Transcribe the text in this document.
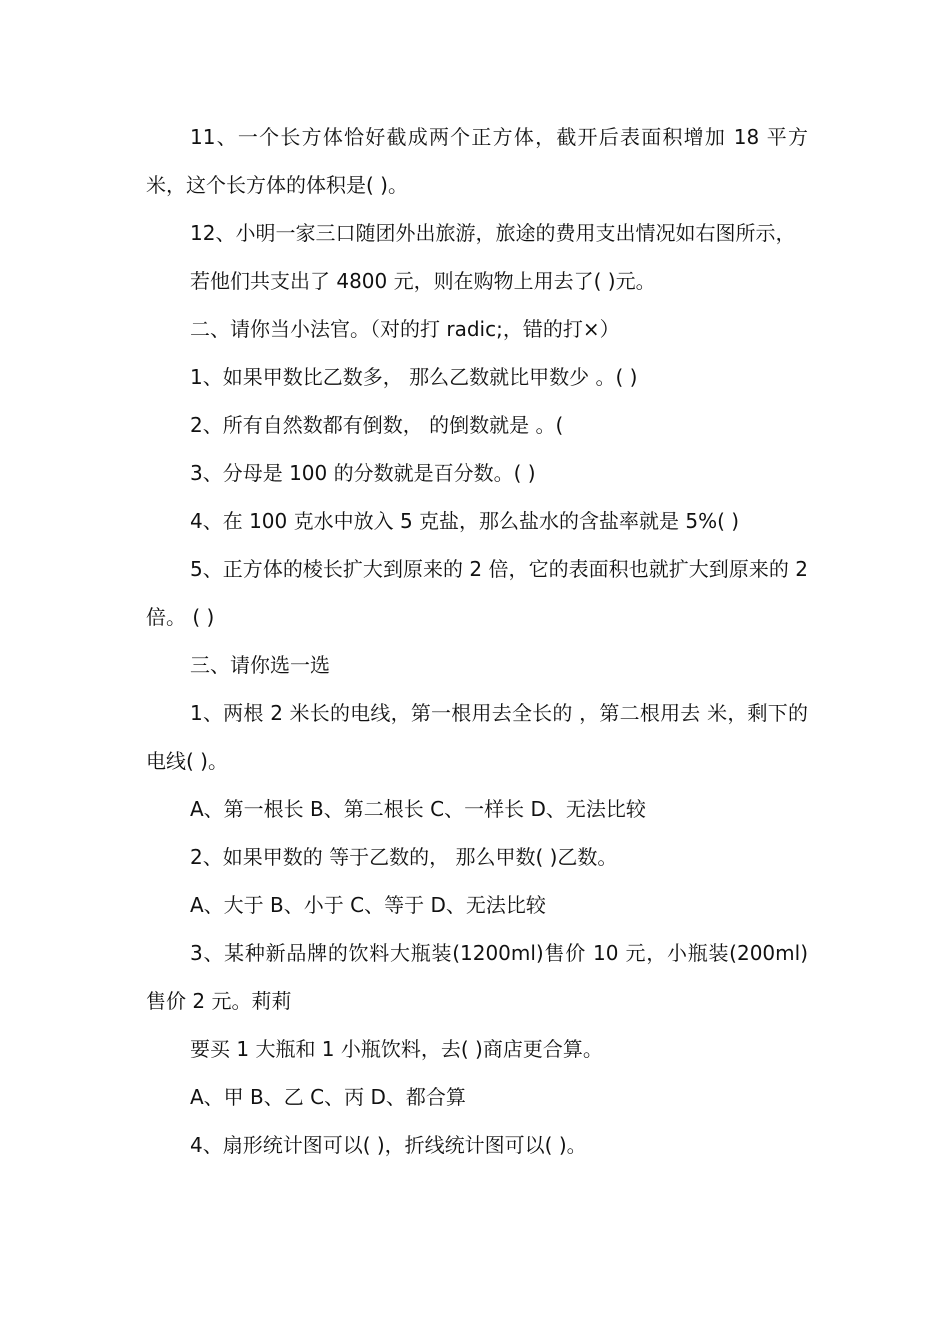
11、一个长方体恰好截成两个正方体，截开后表面积增加 18 平方米，这个长方体的体积是( )。

12、小明一家三口随团外出旅游，旅途的费用支出情况如右图所示，

若他们共支出了 4800 元，则在购物上用去了( )元。

二、请你当小法官。（对的打 radic;，错的打×）

1、如果甲数比乙数多， 那么乙数就比甲数少 。( )

2、所有自然数都有倒数， 的倒数就是 。(

3、分母是 100 的分数就是百分数。( )

4、在 100 克水中放入 5 克盐，那么盐水的含盐率就是 5%( )

5、正方体的棱长扩大到原来的 2 倍，它的表面积也就扩大到原来的 2 倍。 ( )

三、请你选一选

1、两根 2 米长的电线，第一根用去全长的 ，第二根用去 米，剩下的电线( )。

A、第一根长 B、第二根长 C、一样长 D、无法比较

2、如果甲数的 等于乙数的， 那么甲数( )乙数。

A、大于 B、小于 C、等于 D、无法比较

3、某种新品牌的饮料大瓶装(1200ml)售价 10 元，小瓶装(200ml)售价 2 元。莉莉

要买 1 大瓶和 1 小瓶饮料，去( )商店更合算。

A、甲 B、乙 C、丙 D、都合算

4、扇形统计图可以( )，折线统计图可以( )。
